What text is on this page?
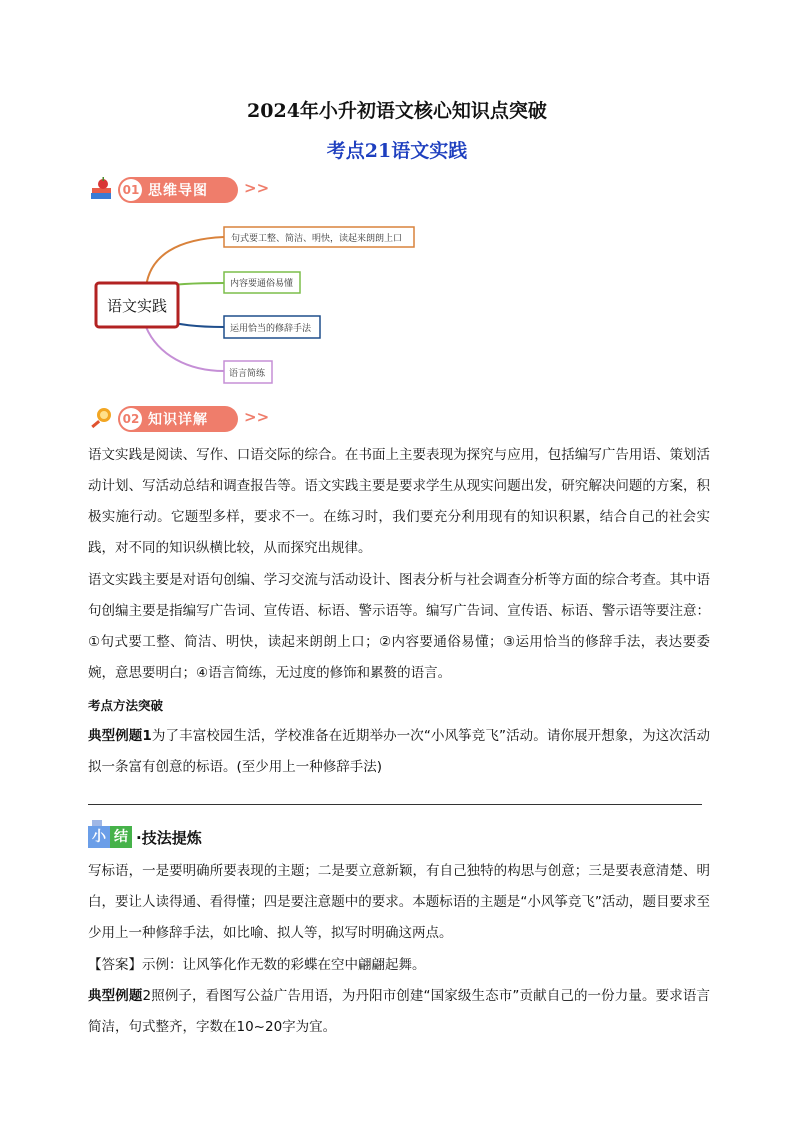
2024年小升初语文核心知识点突破
考点21语文实践
01 思维导图 >>
语文实践
句式要工整、简洁、明快，读起来朗朗上口
内容要通俗易懂
运用恰当的修辞手法
语言简练
02 知识详解 >>
语文实践是阅读、写作、口语交际的综合。在书面上主要表现为探究与应用，包括编写广告用语、策划活动计划、写活动总结和调查报告等。语文实践主要是要求学生从现实问题出发，研究解决问题的方案，积极实施行动。它题型多样，要求不一。在练习时，我们要充分利用现有的知识积累，结合自己的社会实践，对不同的知识纵横比较，从而探究出规律。
语文实践主要是对语句创编、学习交流与活动设计、图表分析与社会调查分析等方面的综合考查。其中语句创编主要是指编写广告词、宣传语、标语、警示语等。编写广告词、宣传语、标语、警示语等要注意：①句式要工整、简洁、明快，读起来朗朗上口；②内容要通俗易懂；③运用恰当的修辞手法，表达要委婉，意思要明白；④语言简练，无过度的修饰和累赘的语言。
考点方法突破
典型例题1为了丰富校园生活，学校准备在近期举办一次“小风筝竞飞”活动。请你展开想象，为这次活动拟一条富有创意的标语。(至少用上一种修辞手法)
小 结 ·技法提炼
写标语，一是要明确所要表现的主题；二是要立意新颖，有自己独特的构思与创意；三是要表意清楚、明白，要让人读得通、看得懂；四是要注意题中的要求。本题标语的主题是“小风筝竞飞”活动，题目要求至少用上一种修辞手法，如比喻、拟人等，拟写时明确这两点。
【答案】示例：让风筝化作无数的彩蝶在空中翩翩起舞。
典型例题2照例子，看图写公益广告用语，为丹阳市创建“国家级生态市”贡献自己的一份力量。要求语言简洁，句式整齐，字数在10~20字为宜。
